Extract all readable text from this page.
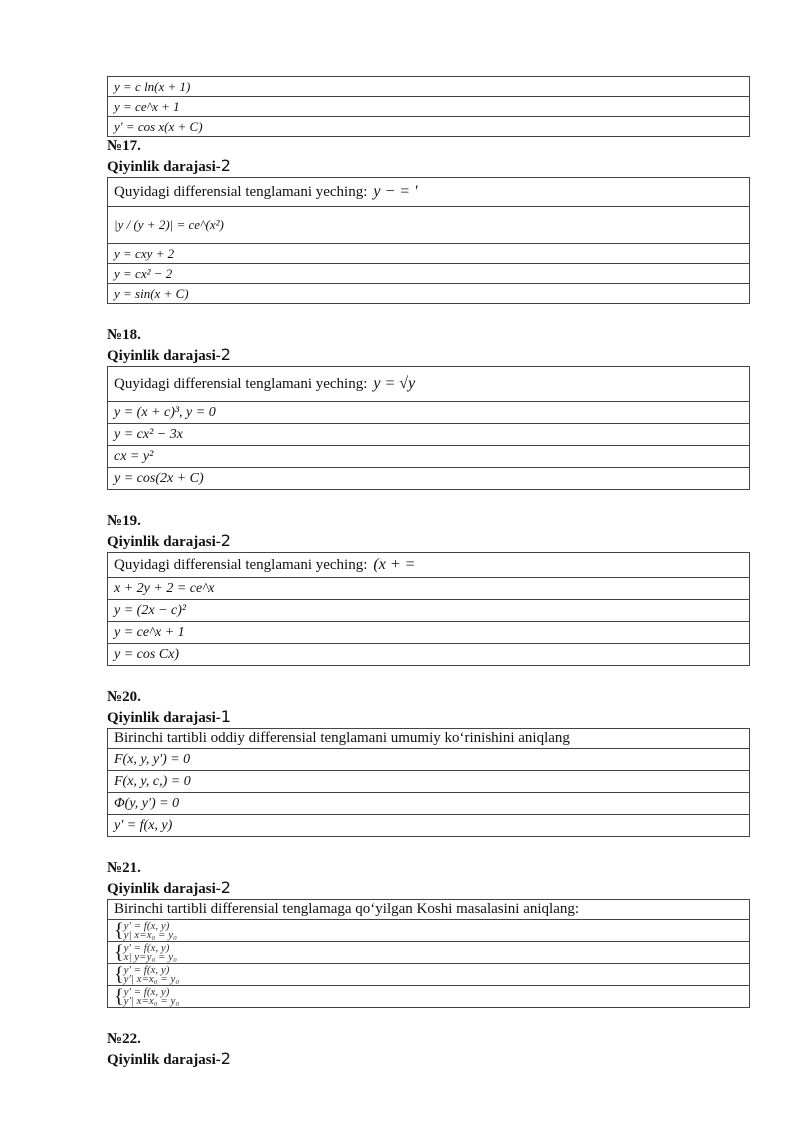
y = c ln(x + 1)
y = ce^x + 1
y' = cos x(x + C)
№17.
Qiyinlik darajasi-2
Quyidagi differensial tenglamani yeching: y − = ′
|y / (y + 2)| = ce^(x²)
y = cxy + 2
y = cx² − 2
y = sin(x + C)
№18.
Qiyinlik darajasi-2
Quyidagi differensial tenglamani yeching: y = √y
y = (x + c)³, y = 0
y = cx² − 3x
cx = y²
y = cos(2x + C)
№19.
Qiyinlik darajasi-2
Quyidagi differensial tenglamani yeching: (x + =
x + 2y + 2 = ce^x
y = (2x − c)²
y = ce^x + 1
y = cos Cx)
№20.
Qiyinlik darajasi-1
Birinchi tartibli oddiy differensial tenglamani umumiy koʻrinishini aniqlang
F(x, y, y') = 0
F(x, y, c,) = 0
Φ(y, y') = 0
y' = f(x, y)
№21.
Qiyinlik darajasi-2
Birinchi tartibli differensial tenglamaga qoʻyilgan Koshi masalasini aniqlang:
{y' = f(x, y)
y| x=x₀ = y₀
{y' = f(x, y)
x| y=y₀ = y₀
{y' = f(x, y)
y'| x=x₀ = y₀
{y' = f(x, y)
y'| x=x₀ = y₀
№22.
Qiyinlik darajasi-2
